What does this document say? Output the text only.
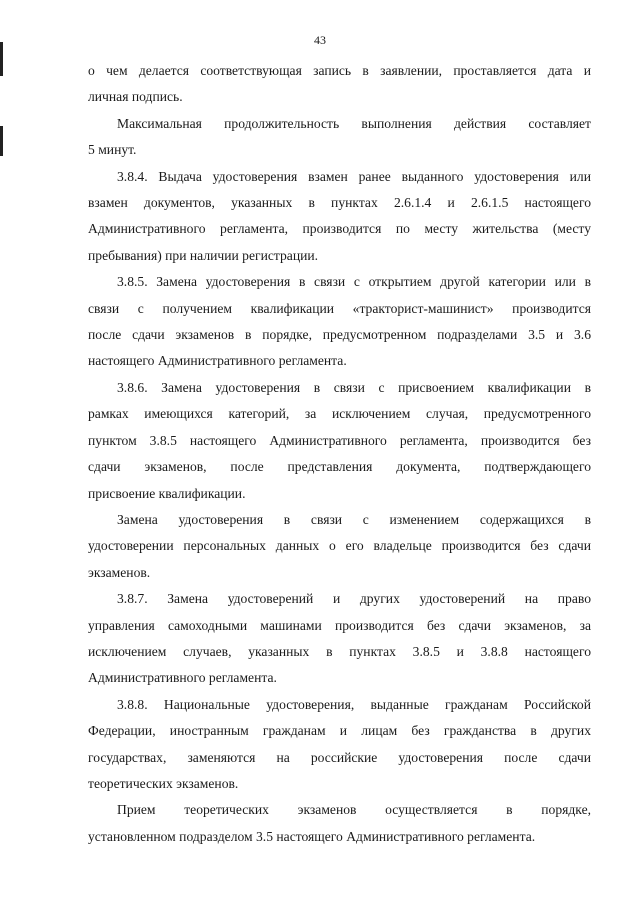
43
о чем делается соответствующая запись в заявлении, проставляется дата и
личная подпись.
Максимальная продолжительность выполнения действия составляет
5 минут.
3.8.4. Выдача удостоверения взамен ранее выданного удостоверения или
взамен документов, указанных в пунктах 2.6.1.4 и 2.6.1.5 настоящего
Административного регламента, производится по месту жительства (месту
пребывания) при наличии регистрации.
3.8.5. Замена удостоверения в связи с открытием другой категории или в
связи с получением квалификации «тракторист-машинист» производится
после сдачи экзаменов в порядке, предусмотренном подразделами 3.5 и 3.6
настоящего Административного регламента.
3.8.6. Замена удостоверения в связи с присвоением квалификации в
рамках имеющихся категорий, за исключением случая, предусмотренного
пунктом 3.8.5 настоящего Административного регламента, производится без
сдачи экзаменов, после представления документа, подтверждающего
присвоение квалификации.
Замена удостоверения в связи с изменением содержащихся в
удостоверении персональных данных о его владельце производится без сдачи
экзаменов.
3.8.7. Замена удостоверений и других удостоверений на право
управления самоходными машинами производится без сдачи экзаменов, за
исключением случаев, указанных в пунктах 3.8.5 и 3.8.8 настоящего
Административного регламента.
3.8.8. Национальные удостоверения, выданные гражданам Российской
Федерации, иностранным гражданам и лицам без гражданства в других
государствах, заменяются на российские удостоверения после сдачи
теоретических экзаменов.
Прием теоретических экзаменов осуществляется в порядке,
установленном подразделом 3.5 настоящего Административного регламента.
